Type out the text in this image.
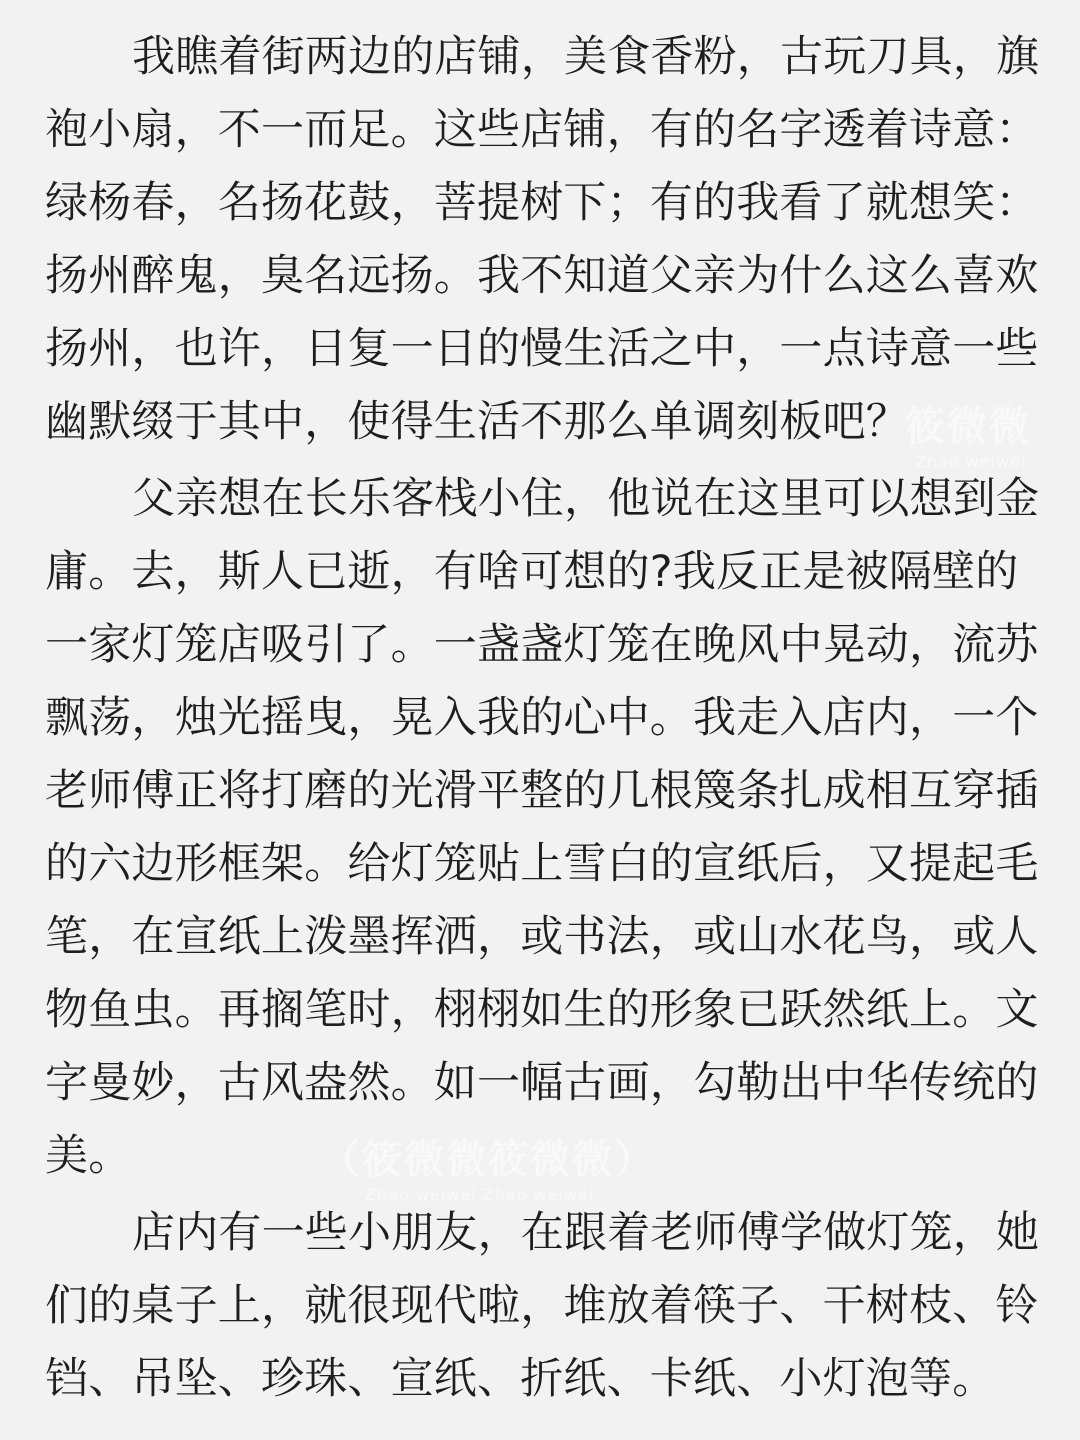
我瞧着街两边的店铺，美食香粉，古玩刀具，旗
袍小扇，不一而足。这些店铺，有的名字透着诗意：
绿杨春，名扬花鼓，菩提树下；有的我看了就想笑：
扬州醉鬼，臭名远扬。我不知道父亲为什么这么喜欢
扬州，也许，日复一日的慢生活之中，一点诗意一些
幽默缀于其中，使得生活不那么单调刻板吧？
父亲想在长乐客栈小住，他说在这里可以想到金
庸。去，斯人已逝，有啥可想的?我反正是被隔壁的
一家灯笼店吸引了。一盏盏灯笼在晚风中晃动，流苏
飘荡，烛光摇曳，晃入我的心中。我走入店内，一个
老师傅正将打磨的光滑平整的几根篾条扎成相互穿插
的六边形框架。给灯笼贴上雪白的宣纸后，又提起毛
笔，在宣纸上泼墨挥洒，或书法，或山水花鸟，或人
物鱼虫。再搁笔时，栩栩如生的形象已跃然纸上。文
字曼妙，古风盎然。如一幅古画，勾勒出中华传统的
美。
店内有一些小朋友，在跟着老师傅学做灯笼，她
们的桌子上，就很现代啦，堆放着筷子、干树枝、铃
铛、吊坠、珍珠、宣纸、折纸、卡纸、小灯泡等。
筱微微
Zhao weiwei
（筱微微筱微微）
Zhao weiwei Zhao weiwei
